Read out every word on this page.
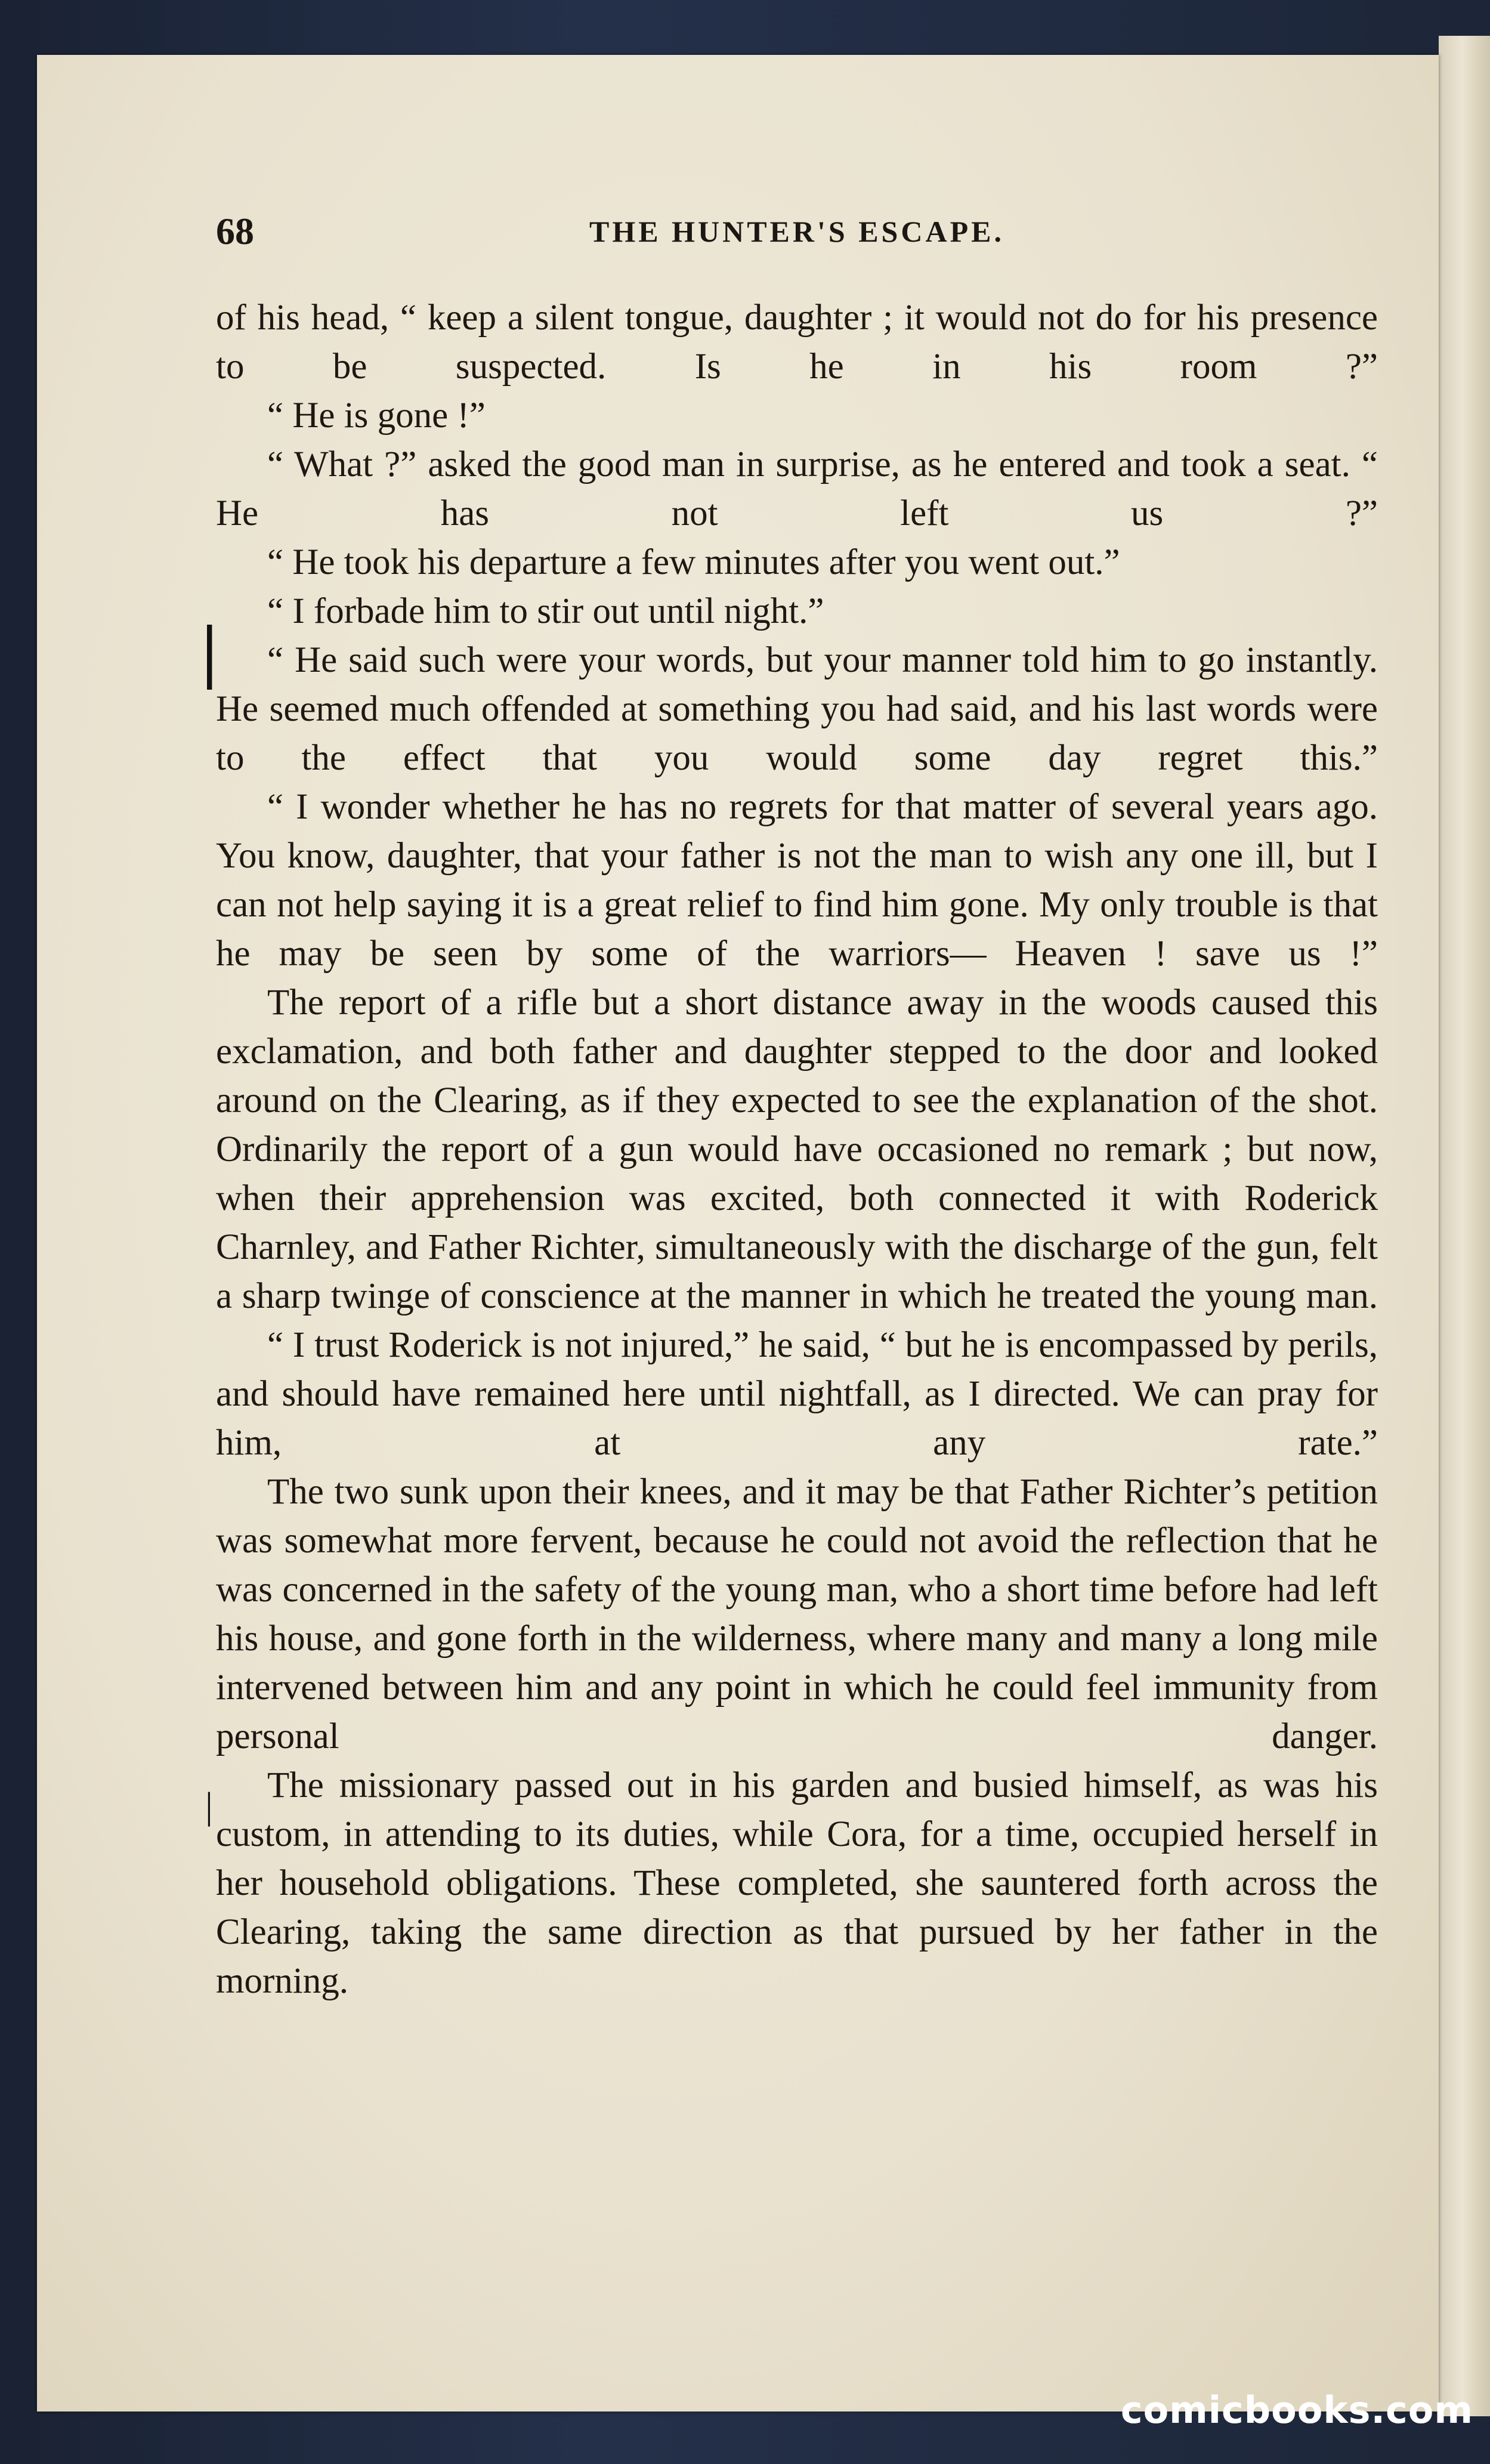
68	THE HUNTER'S ESCAPE.

of his head, “ keep a silent tongue, daughter ; it would not do for his presence to be suspected. Is he in his room ?”

“ He is gone !”

“ What ?” asked the good man in surprise, as he entered and took a seat. “ He has not left us ?”

“ He took his departure a few minutes after you went out.”

“ I forbade him to stir out until night.”

“ He said such were your words, but your manner told him to go instantly. He seemed much offended at something you had said, and his last words were to the effect that you would some day regret this.”

“ I wonder whether he has no regrets for that matter of several years ago. You know, daughter, that your father is not the man to wish any one ill, but I can not help saying it is a great relief to find him gone. My only trouble is that he may be seen by some of the warriors— Heaven ! save us !”

The report of a rifle but a short distance away in the woods caused this exclamation, and both father and daughter stepped to the door and looked around on the Clearing, as if they expected to see the explanation of the shot. Ordinarily the report of a gun would have occasioned no remark ; but now, when their apprehension was excited, both connected it with Roderick Charnley, and Father Richter, simultaneously with the discharge of the gun, felt a sharp twinge of conscience at the manner in which he treated the young man.

“ I trust Roderick is not injured,” he said, “ but he is encompassed by perils, and should have remained here until nightfall, as I directed. We can pray for him, at any rate.”

The two sunk upon their knees, and it may be that Father Richter’s petition was somewhat more fervent, because he could not avoid the reflection that he was concerned in the safety of the young man, who a short time before had left his house, and gone forth in the wilderness, where many and many a long mile intervened between him and any point in which he could feel immunity from personal danger.

The missionary passed out in his garden and busied himself, as was his custom, in attending to its duties, while Cora, for a time, occupied herself in her household obligations. These completed, she sauntered forth across the Clearing, taking the same direction as that pursued by her father in the morning.

|
|
comicbooks.com
